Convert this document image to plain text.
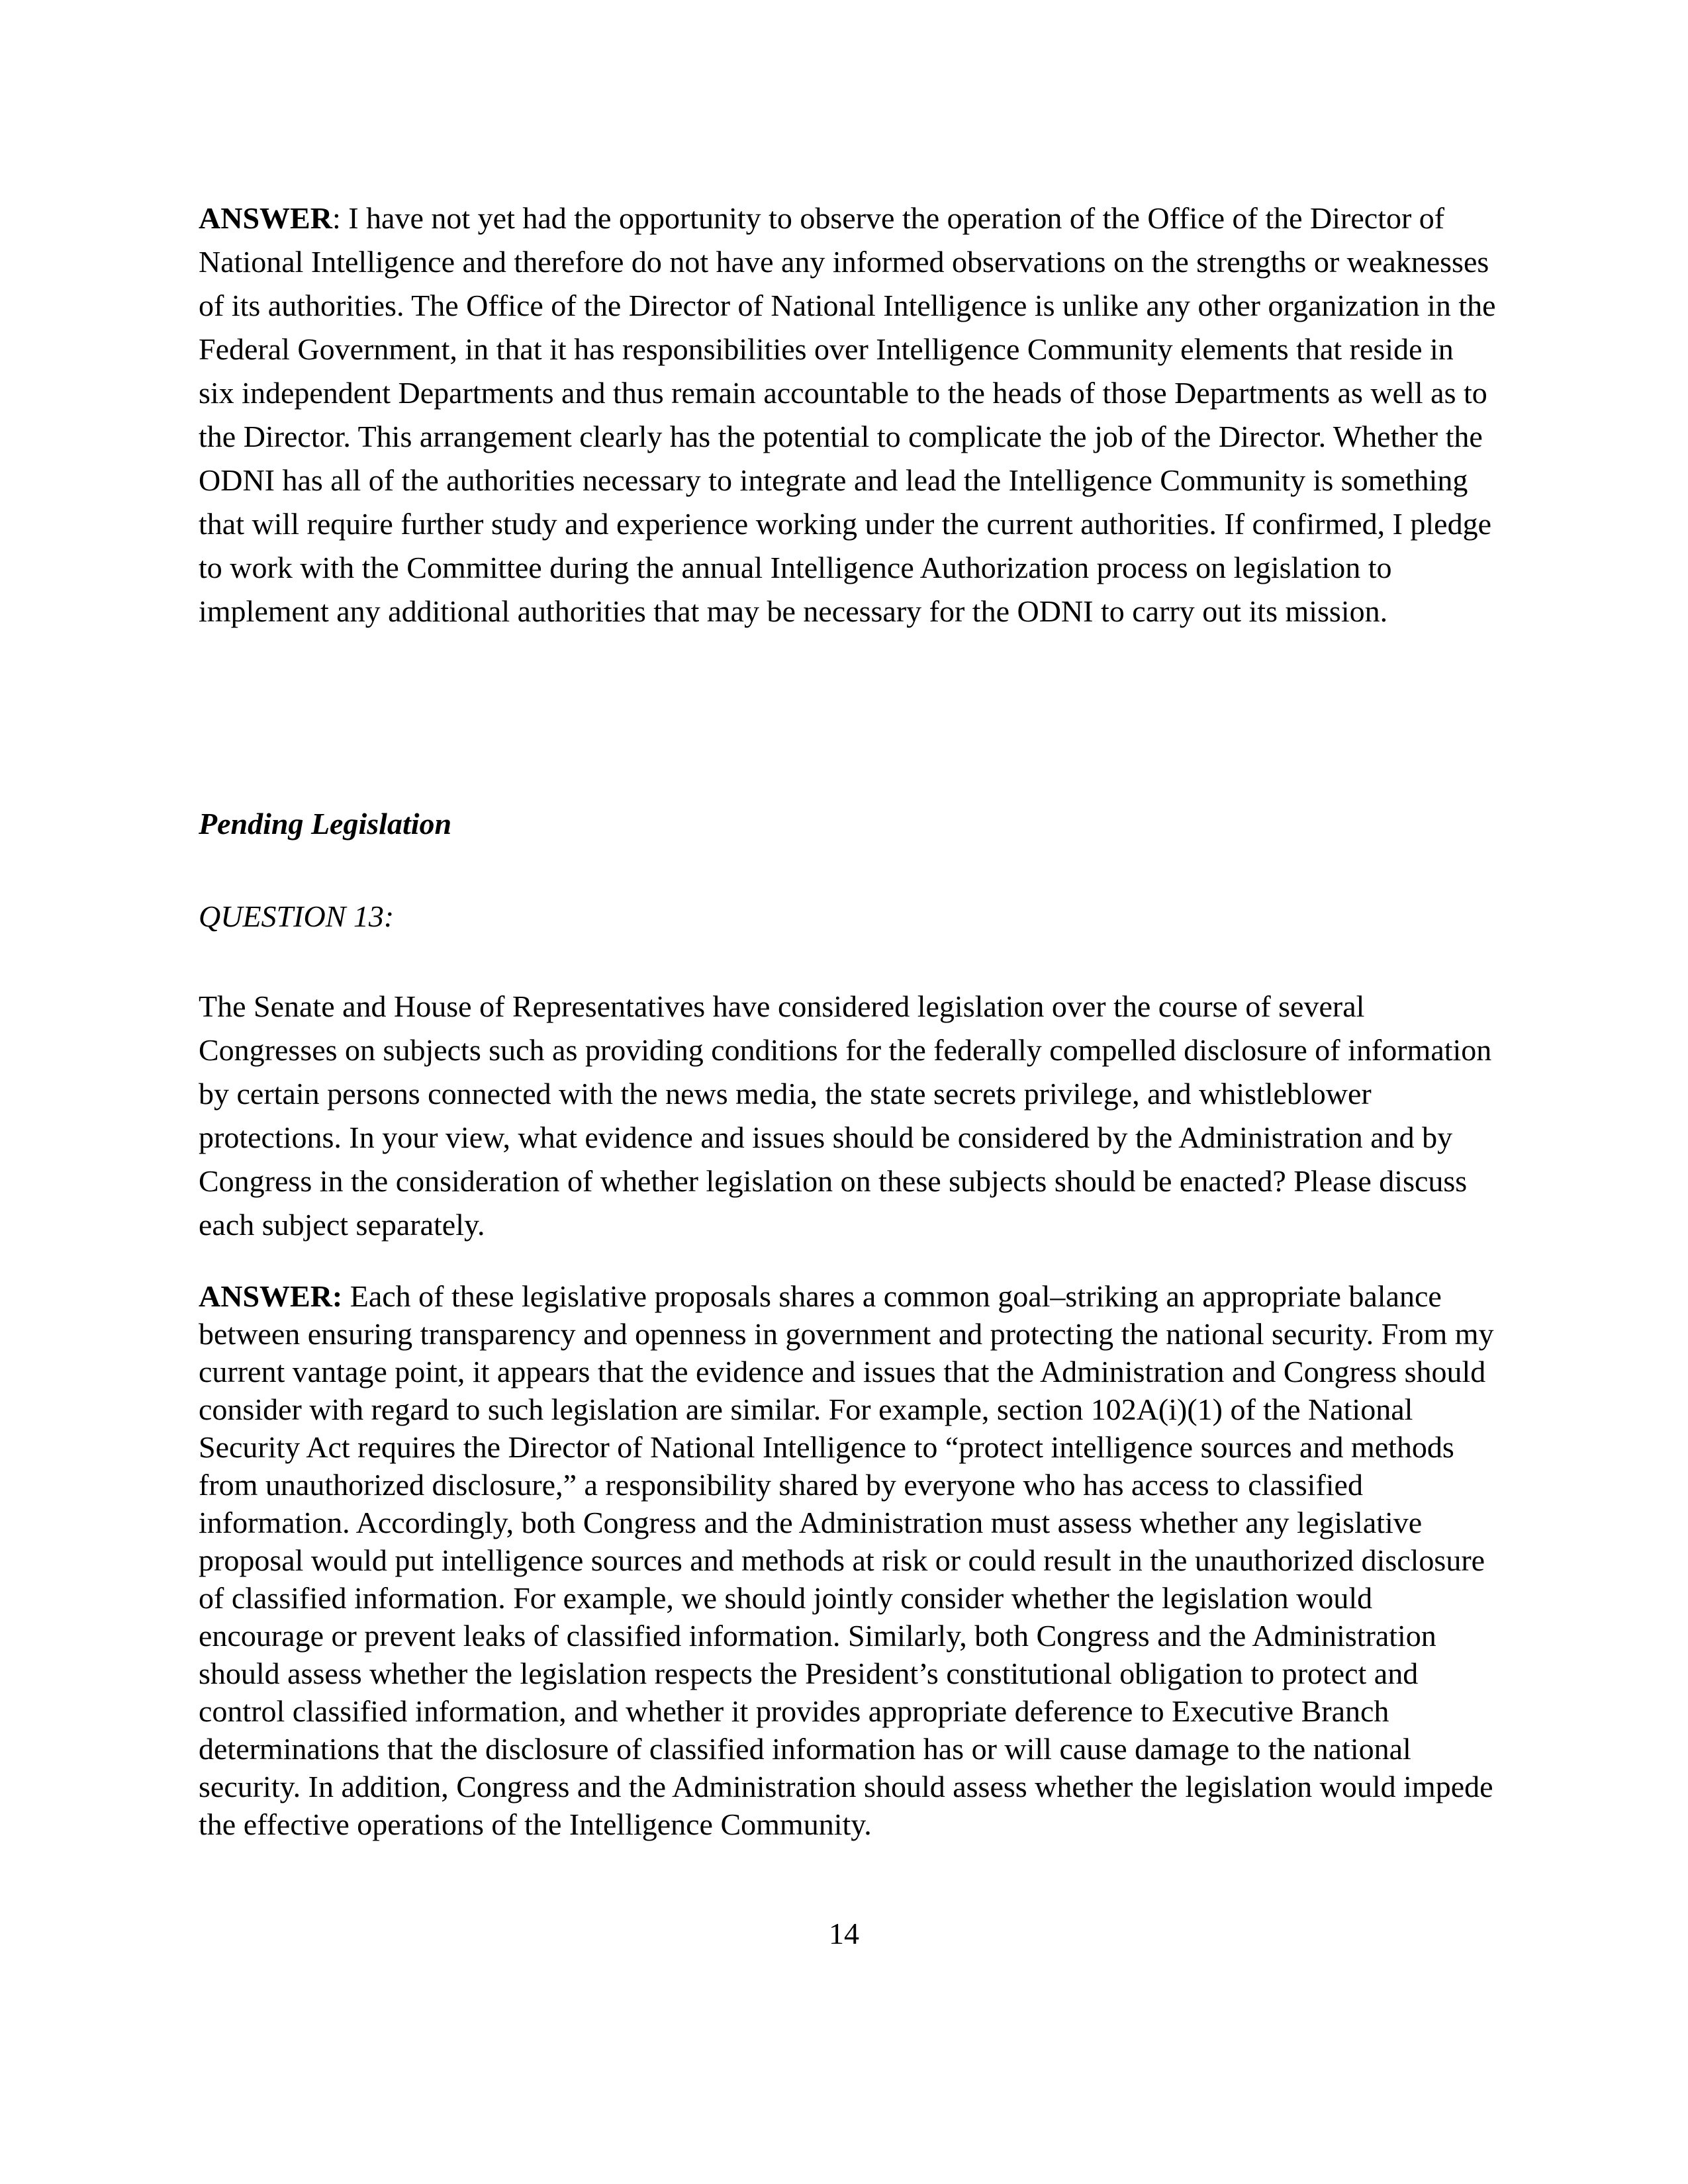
ANSWER: I have not yet had the opportunity to observe the operation of the Office of the Director of National Intelligence and therefore do not have any informed observations on the strengths or weaknesses of its authorities. The Office of the Director of National Intelligence is unlike any other organization in the Federal Government, in that it has responsibilities over Intelligence Community elements that reside in six independent Departments and thus remain accountable to the heads of those Departments as well as to the Director. This arrangement clearly has the potential to complicate the job of the Director. Whether the ODNI has all of the authorities necessary to integrate and lead the Intelligence Community is something that will require further study and experience working under the current authorities. If confirmed, I pledge to work with the Committee during the annual Intelligence Authorization process on legislation to implement any additional authorities that may be necessary for the ODNI to carry out its mission.

Pending Legislation

QUESTION 13:

The Senate and House of Representatives have considered legislation over the course of several Congresses on subjects such as providing conditions for the federally compelled disclosure of information by certain persons connected with the news media, the state secrets privilege, and whistleblower protections. In your view, what evidence and issues should be considered by the Administration and by Congress in the consideration of whether legislation on these subjects should be enacted? Please discuss each subject separately.

ANSWER: Each of these legislative proposals shares a common goal–striking an appropriate balance between ensuring transparency and openness in government and protecting the national security. From my current vantage point, it appears that the evidence and issues that the Administration and Congress should consider with regard to such legislation are similar. For example, section 102A(i)(1) of the National Security Act requires the Director of National Intelligence to “protect intelligence sources and methods from unauthorized disclosure,” a responsibility shared by everyone who has access to classified information. Accordingly, both Congress and the Administration must assess whether any legislative proposal would put intelligence sources and methods at risk or could result in the unauthorized disclosure of classified information. For example, we should jointly consider whether the legislation would encourage or prevent leaks of classified information. Similarly, both Congress and the Administration should assess whether the legislation respects the President’s constitutional obligation to protect and control classified information, and whether it provides appropriate deference to Executive Branch determinations that the disclosure of classified information has or will cause damage to the national security. In addition, Congress and the Administration should assess whether the legislation would impede the effective operations of the Intelligence Community.

14
